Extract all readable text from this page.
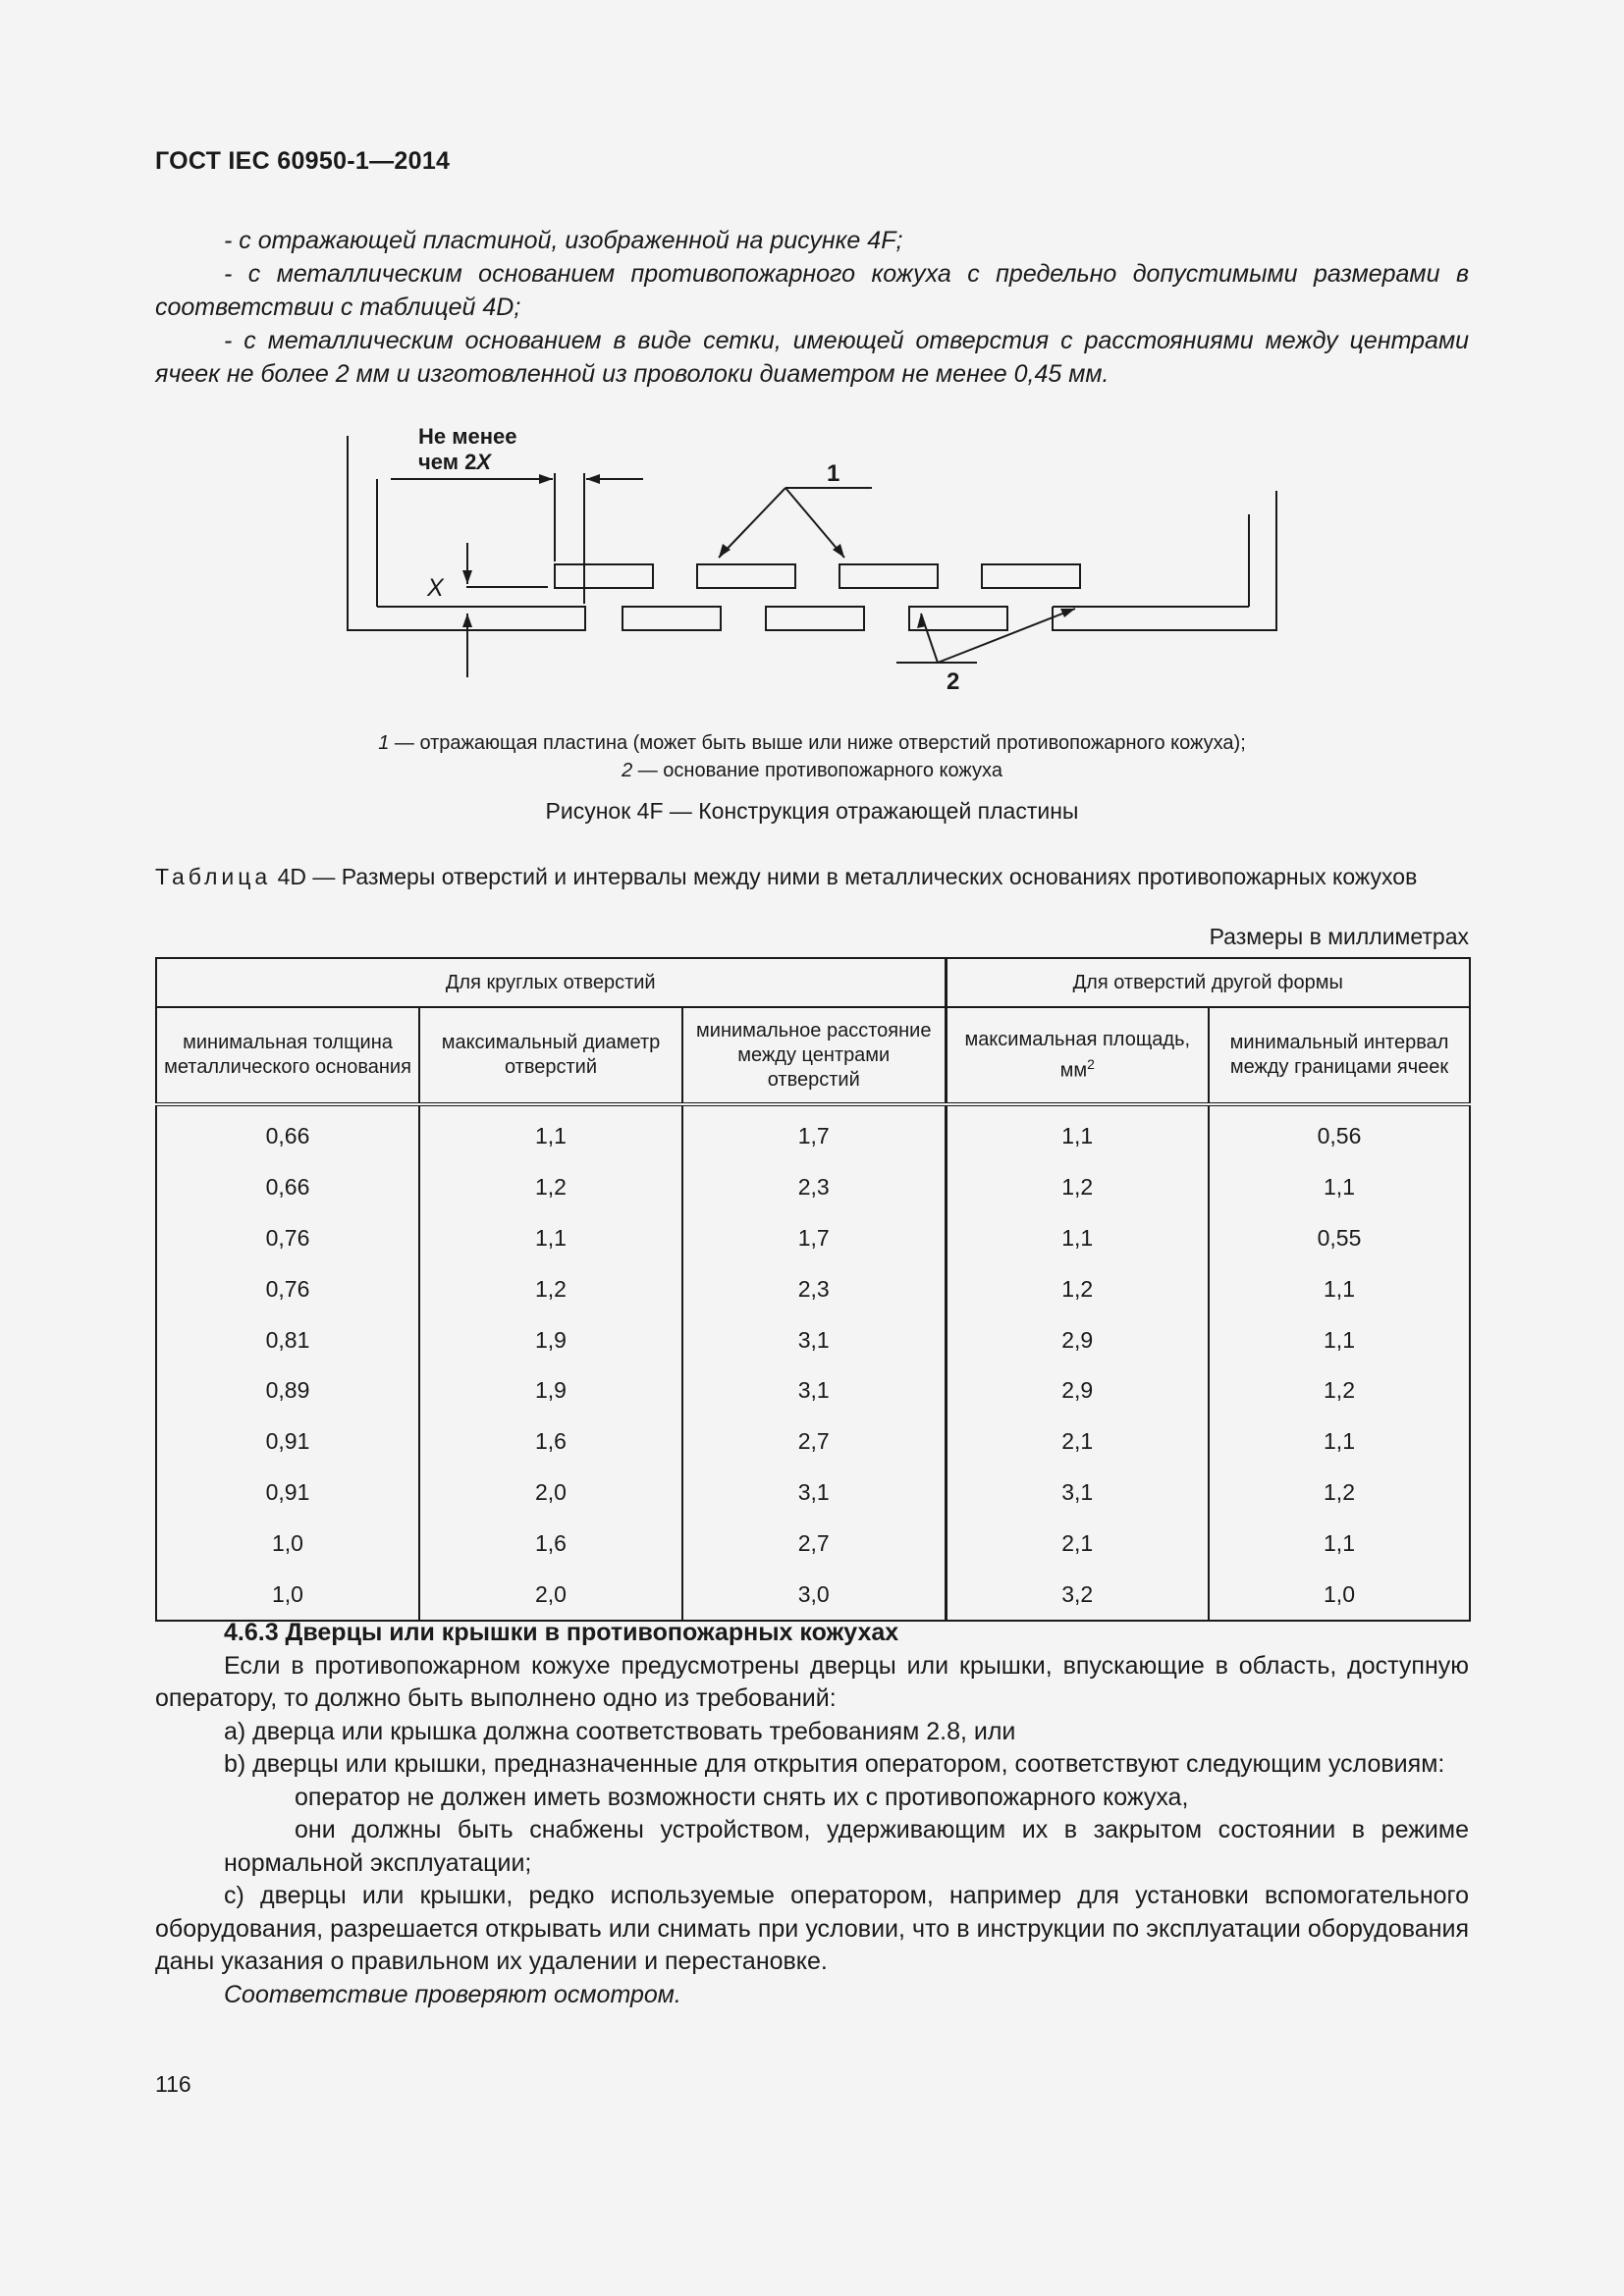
ГОСТ IEC 60950-1—2014

- с отражающей пластиной, изображенной на рисунке 4F;

- с металлическим основанием противопожарного кожуха с предельно допустимыми размерами в соответствии с таблицей 4D;

- с металлическим основанием в виде сетки, имеющей отверстия с расстояниями между центрами ячеек не более 2 мм и изготовленной из проволоки диаметром не менее 0,45 мм.

Не менее
чем 2X
X
1
2
1 — отражающая пластина (может быть выше или ниже отверстий противопожарного кожуха);
2 — основание противопожарного кожуха
Рисунок 4F — Конструкция отражающей пластины
Таблица 4D — Размеры отверстий и интервалы между ними в металлических основаниях противопожарных кожухов
Размеры в миллиметрах
Для круглых отверстий			Для отверстий другой формы	
минимальная толщина металлического основания	максимальный диаметр отверстий	минимальное расстояние между центрами отверстий	максимальная площадь, $мм^2$	минимальный интервал между границами ячеек
0,66	1,1	1,7	1,1	0,56
0,66	1,2	2,3	1,2	1,1
0,76	1,1	1,7	1,1	0,55
0,76	1,2	2,3	1,2	1,1
0,81	1,9	3,1	2,9	1,1
0,89	1,9	3,1	2,9	1,2
0,91	1,6	2,7	2,1	1,1
0,91	2,0	3,1	3,1	1,2
1,0	1,6	2,7	2,1	1,1
1,0	2,0	3,0	3,2	1,0

4.6.3 Дверцы или крышки в противопожарных кожухах

Если в противопожарном кожухе предусмотрены дверцы или крышки, впускающие в область, доступную оператору, то должно быть выполнено одно из требований:

a) дверца или крышка должна соответствовать требованиям 2.8, или

b) дверцы или крышки, предназначенные для открытия оператором, соответствуют следующим условиям:

оператор не должен иметь возможности снять их с противопожарного кожуха,

они должны быть снабжены устройством, удерживающим их в закрытом состоянии в режиме нормальной эксплуатации;

c) дверцы или крышки, редко используемые оператором, например для установки вспомогательного оборудования, разрешается открывать или снимать при условии, что в инструкции по эксплуатации оборудования даны указания о правильном их удалении и перестановке.

Соответствие проверяют осмотром.

116
